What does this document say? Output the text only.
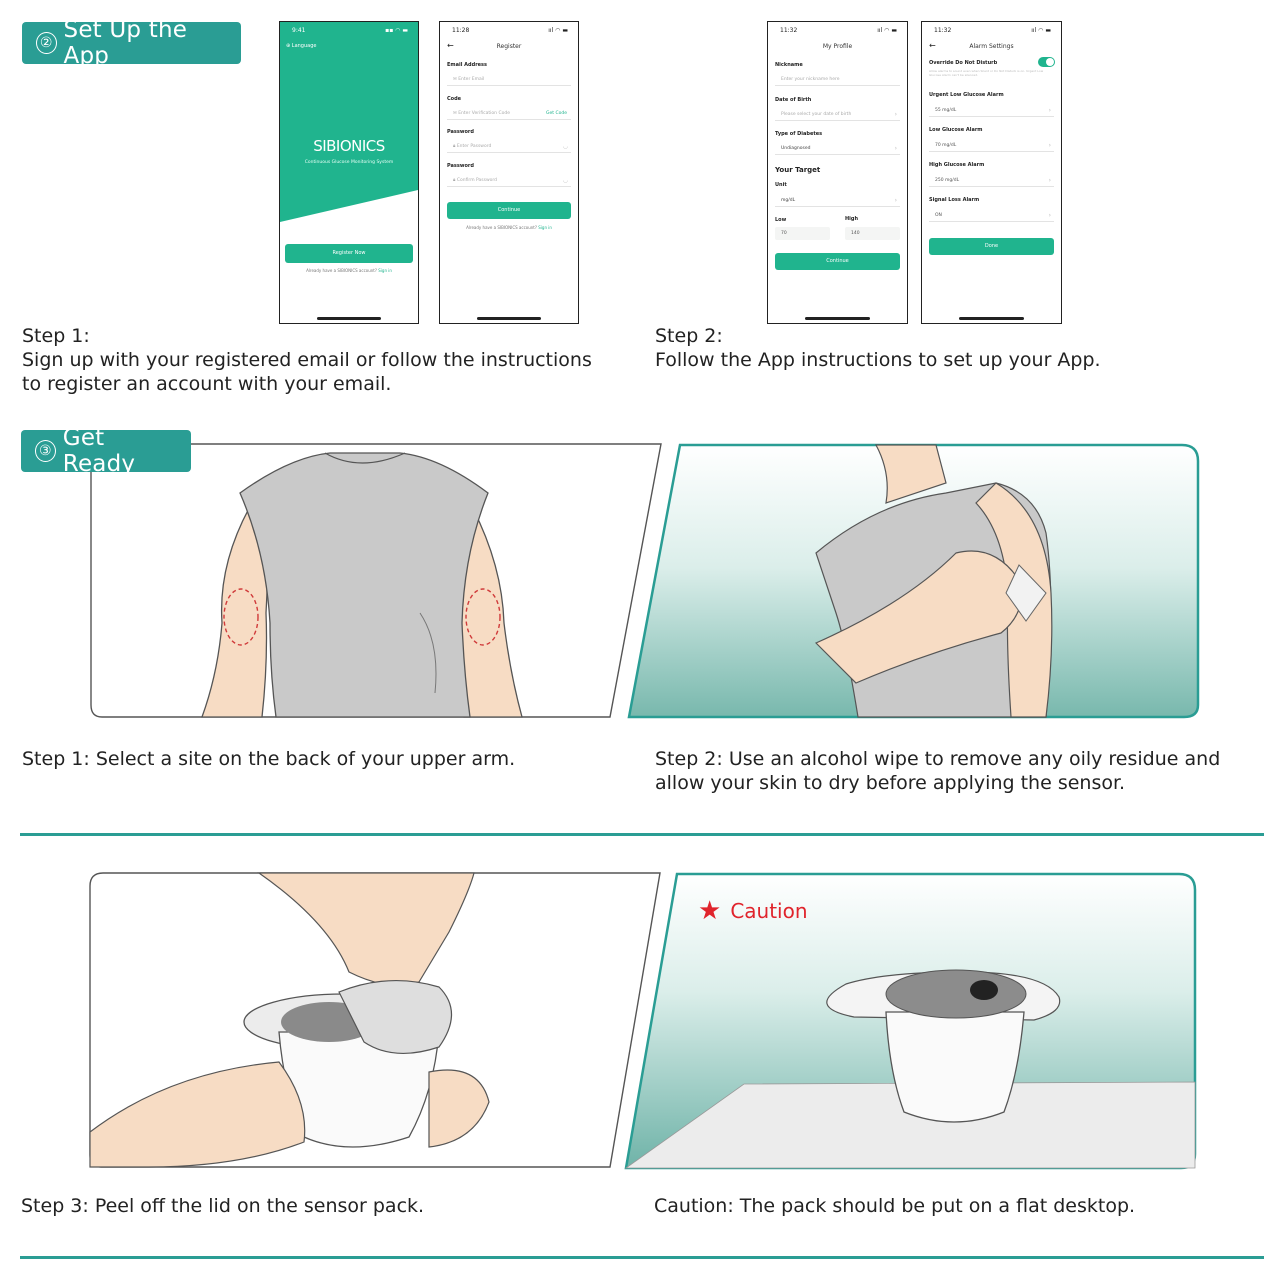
② Set Up the App
9:41	▪▪ ◠ ▬
⊕ Language
SIBIONICS
Continuous Glucose Monitoring System
Register Now
Already have a SIBIONICS account? Sign in
11:28	ııl ◠ ▬
←	Register
Email Address
✉ Enter Email
Code
✉ Enter Verification Code	Get Code
Password
🔒︎ Enter Password	◡
Password
🔒︎ Confirm Password	◡
Continue
Already have a SIBIONICS account? Sign in
11:32	ııl ◠ ▬
My Profile
Nickname
Enter your nickname here
Date of Birth
Please select your date of birth	›
Type of Diabetes
Undiagnosed	›
Your Target
Unit
mg/dL	›
Low	High
70	140
Continue
11:32	ııl ◠ ▬
←	Alarm Settings
Override Do Not Disturb
Allow alarms to sound even when Silent or Do Not Disturb is on. Urgent Low Glucose Alarm can't be silenced.
Urgent Low Glucose Alarm
55 mg/dL	›
Low Glucose Alarm
70 mg/dL	›
High Glucose Alarm
250 mg/dL	›
Signal Loss Alarm
ON	›
Done
Step 1:
Sign up with your registered email or follow the instructions
to register an account with your email.
Step 2:
Follow the App instructions to set up your App.
③ Get Ready
Step 1: Select a site on the back of your upper arm.	Step 2: Use an alcohol wipe to remove any oily residue and
allow your skin to dry before applying the sensor.
★ Caution
Step 3: Peel off the lid on the sensor pack.	Caution: The pack should be put on a flat desktop.
